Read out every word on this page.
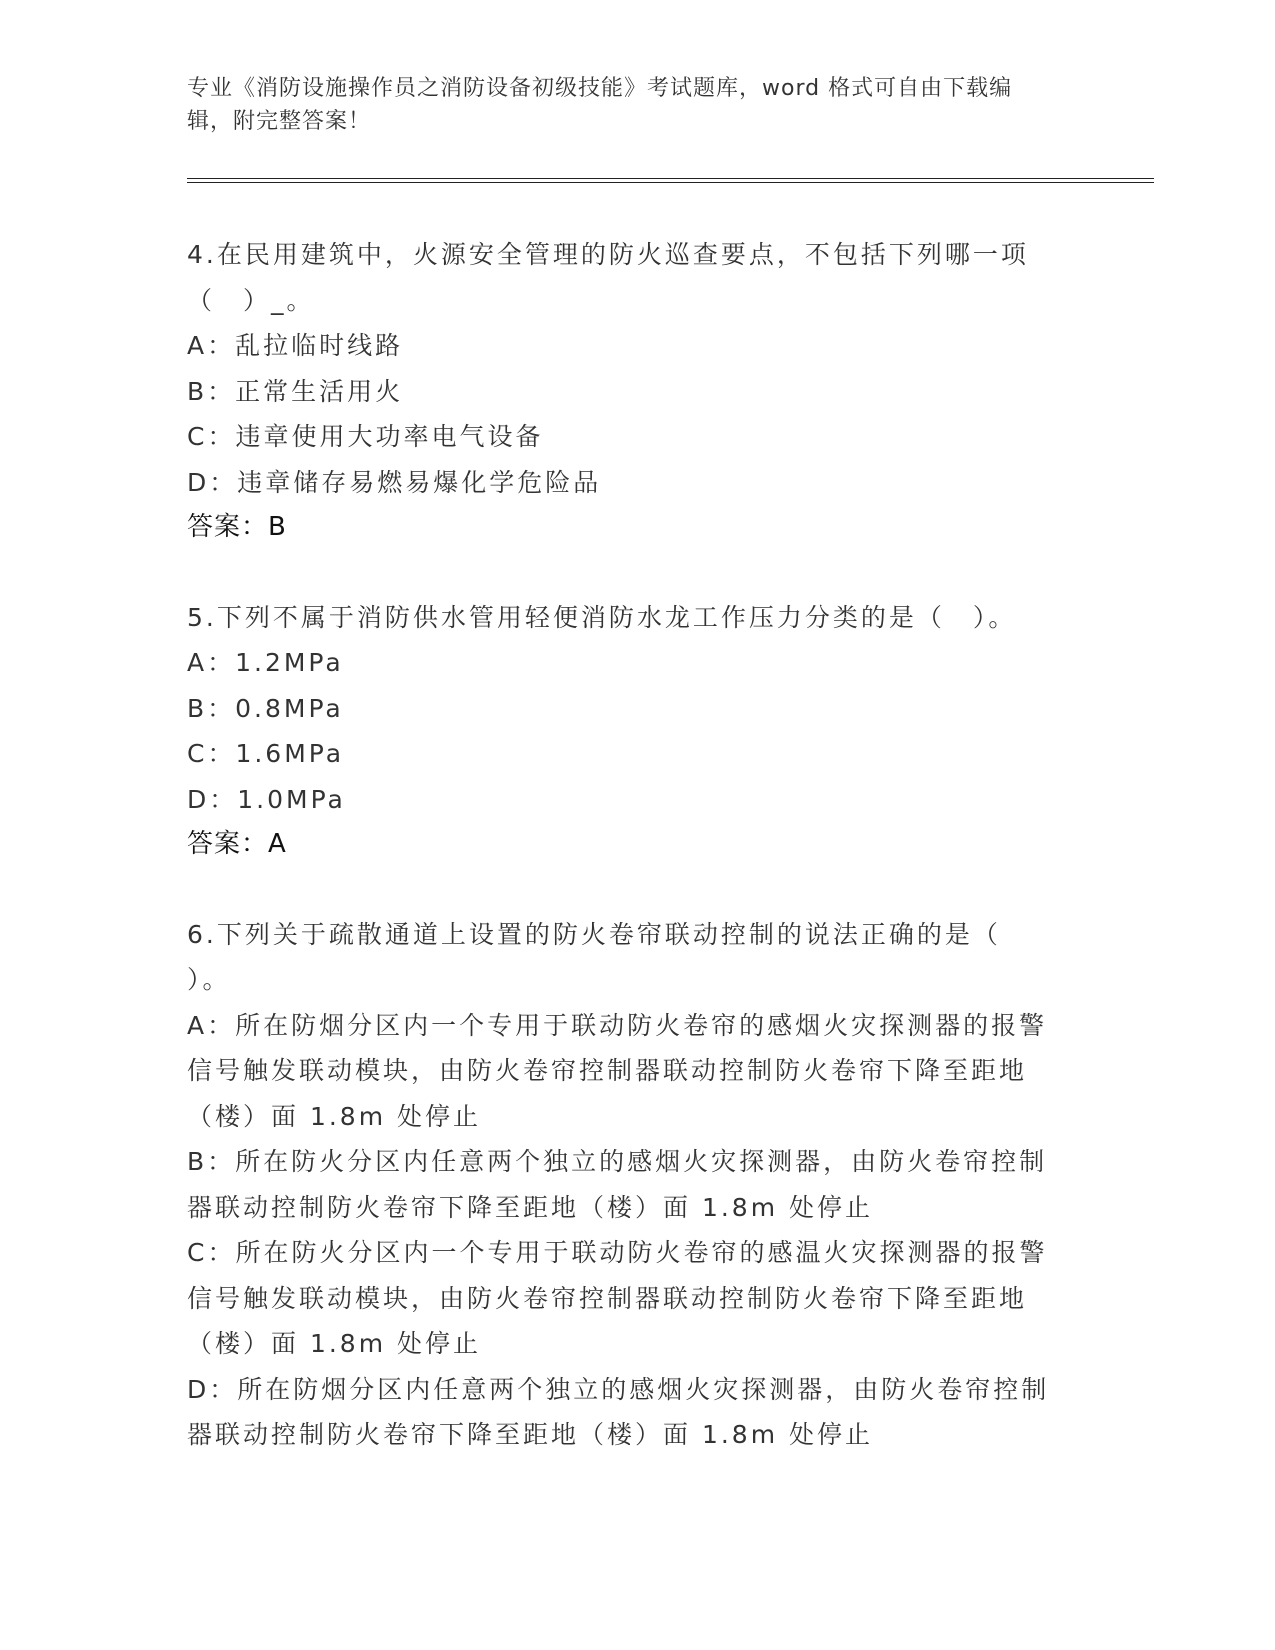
专业《消防设施操作员之消防设备初级技能》考试题库，word 格式可自由下载编
辑，附完整答案！
4.在民用建筑中，火源安全管理的防火巡查要点，不包括下列哪一项
（　）_。
A：乱拉临时线路
B：正常生活用火
C：违章使用大功率电气设备
D：违章储存易燃易爆化学危险品
答案：B
5.下列不属于消防供水管用轻便消防水龙工作压力分类的是（　）。
A：1.2MPa
B：0.8MPa
C：1.6MPa
D：1.0MPa
答案：A
6.下列关于疏散通道上设置的防火卷帘联动控制的说法正确的是（
）。
A：所在防烟分区内一个专用于联动防火卷帘的感烟火灾探测器的报警
信号触发联动模块，由防火卷帘控制器联动控制防火卷帘下降至距地
（楼）面 1.8m 处停止
B：所在防火分区内任意两个独立的感烟火灾探测器，由防火卷帘控制
器联动控制防火卷帘下降至距地（楼）面 1.8m 处停止
C：所在防火分区内一个专用于联动防火卷帘的感温火灾探测器的报警
信号触发联动模块，由防火卷帘控制器联动控制防火卷帘下降至距地
（楼）面 1.8m 处停止
D：所在防烟分区内任意两个独立的感烟火灾探测器，由防火卷帘控制
器联动控制防火卷帘下降至距地（楼）面 1.8m 处停止
